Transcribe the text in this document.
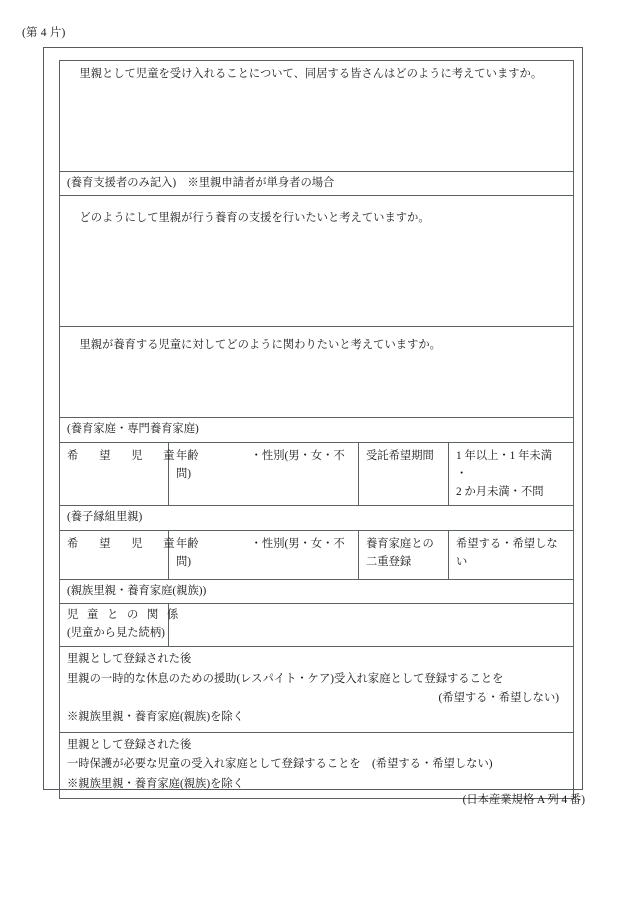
(第 4 片)
里親として児童を受け入れることについて、同居する皆さんはどのように考えていますか。			

(養育支援者のみ記入)　※里親申請者が単身者の場合			

どのようにして里親が行う養育の支援を行いたいと考えていますか。			

里親が養育する児童に対してどのように関わりたいと考えていますか。			

(養育家庭・専門養育家庭)			

希　望　児　童	年齢 ・性別(男・女・不
問)	受託希望期間	1 年以上・1 年未満
・
2 か月未満・不問

(養子縁組里親)			

希　望　児　童	年齢 ・性別(男・女・不
問)	養育家庭との
二重登録	希望する・希望しない

(親族里親・養育家庭(親族))			

児 童 と の 関 係
(児童から見た続柄)			

里親として登録された後
里親の一時的な休息のための援助(レスパイト・ケア)受入れ家庭として登録することを
(希望する・希望しない)
※親族里親・養育家庭(親族)を除く			

里親として登録された後
一時保護が必要な児童の受入れ家庭として登録することを　(希望する・希望しない)
※親族里親・養育家庭(親族)を除く			
(日本産業規格 A 列 4 番)
